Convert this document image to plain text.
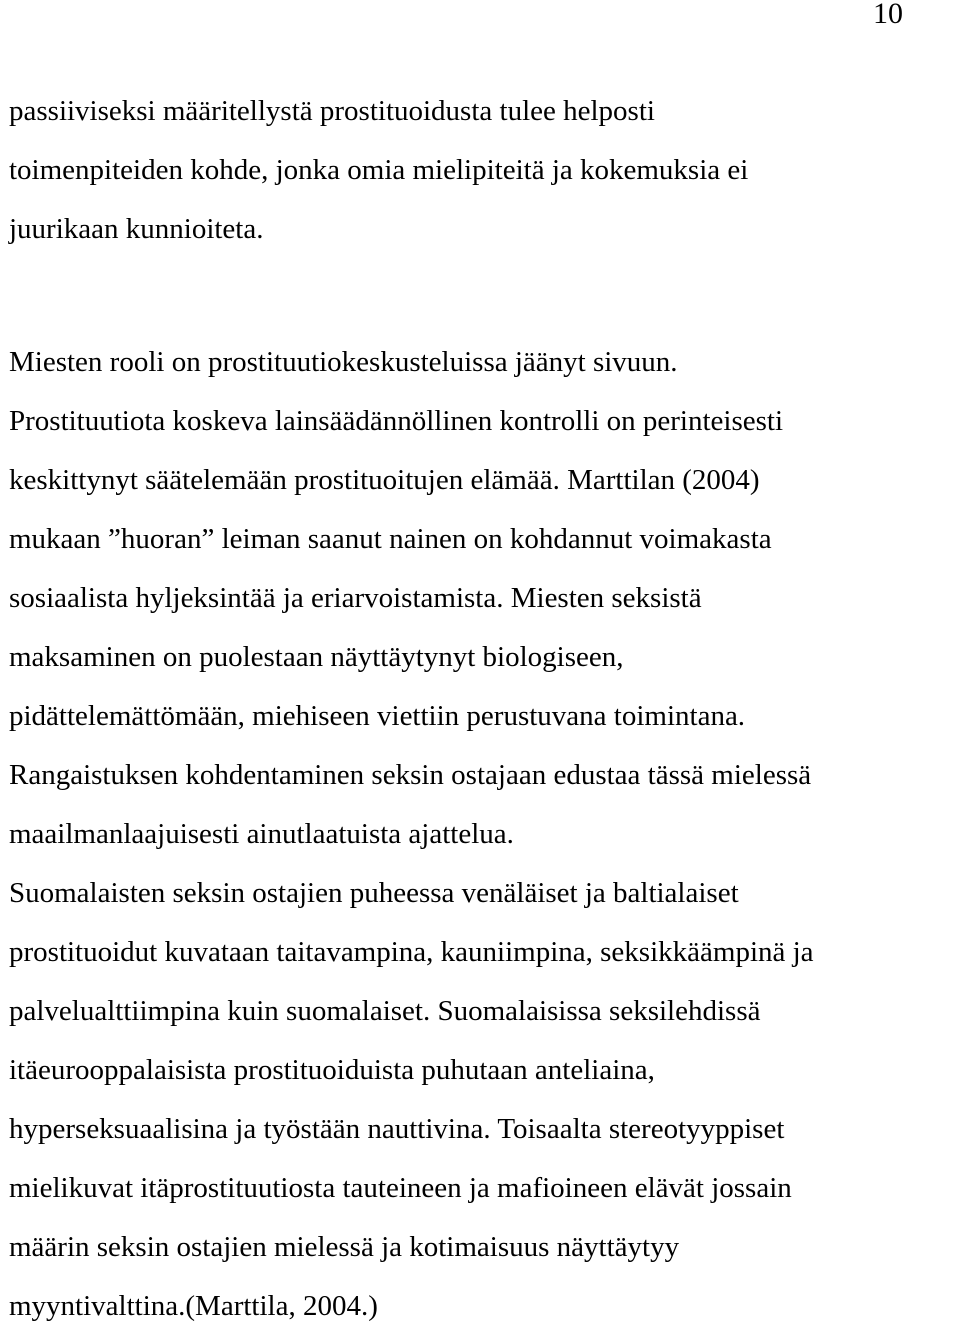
10
passiiviseksi määritellystä prostituoidusta tulee helposti
toimenpiteiden kohde, jonka omia mielipiteitä ja kokemuksia ei
juurikaan kunnioiteta.
Miesten rooli on prostituutiokeskusteluissa jäänyt sivuun.
Prostituutiota koskeva lainsäädännöllinen kontrolli on perinteisesti
keskittynyt säätelemään prostituoitujen elämää. Marttilan (2004)
mukaan ”huoran” leiman saanut nainen on kohdannut voimakasta
sosiaalista hyljeksintää ja eriarvoistamista. Miesten seksistä
maksaminen on puolestaan näyttäytynyt biologiseen,
pidättelemättömään, miehiseen viettiin perustuvana toimintana.
Rangaistuksen kohdentaminen seksin ostajaan edustaa tässä mielessä
maailmanlaajuisesti ainutlaatuista ajattelua.
Suomalaisten seksin ostajien puheessa venäläiset ja baltialaiset
prostituoidut kuvataan taitavampina, kauniimpina, seksikkäämpinä ja
palvelualttiimpina kuin suomalaiset. Suomalaisissa seksilehdissä
itäeurooppalaisista prostituoiduista puhutaan anteliaina,
hyperseksuaalisina ja työstään nauttivina. Toisaalta stereotyyppiset
mielikuvat itäprostituutiosta tauteineen ja mafioineen elävät jossain
määrin seksin ostajien mielessä ja kotimaisuus näyttäytyy
myyntivalttina.(Marttila, 2004.)
